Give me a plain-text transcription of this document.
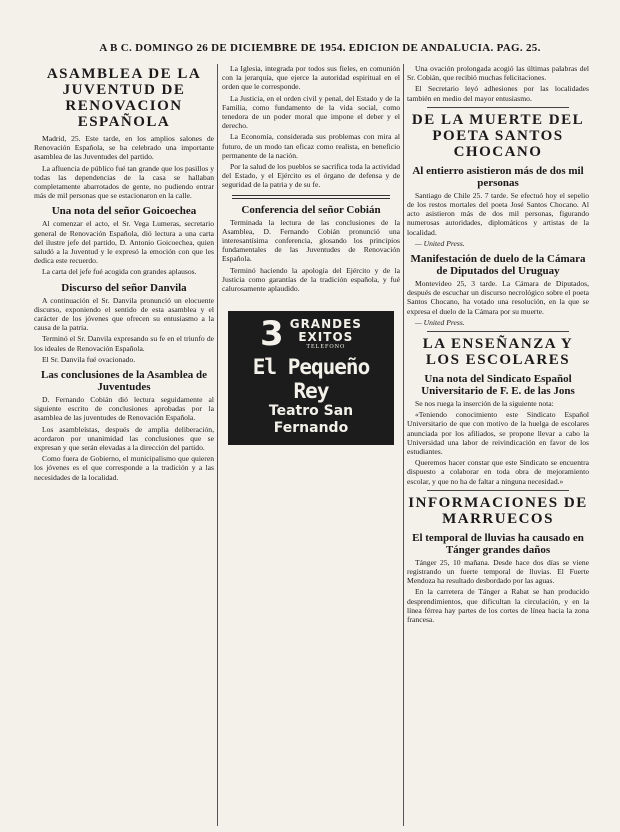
A B C. DOMINGO 26 DE DICIEMBRE DE 1954. EDICION DE ANDALUCIA. PAG. 25.
ASAMBLEA DE LA JUVENTUD DE RENOVACION ESPAÑOLA

Madrid, 25. Este tarde, en los amplios salones de Renovación Española, se ha celebrado una importante asamblea de las Juventudes del partido.

La afluencia de público fué tan grande que los pasillos y todas las dependencias de la casa se hallaban completamente abarrotados de gente, no pudiendo entrar más de mil personas que se estacionaron en la calle.

Una nota del señor Goicoechea

Al comenzar el acto, el Sr. Vega Lumeras, secretario general de Renovación Española, dió lectura a una carta del ilustre jefe del partido, D. Antonio Goicoechea, quien saludó a la Juventud y le expresó la emoción con que les dedica este recuerdo.

La carta del jefe fué acogida con grandes aplausos.

Discurso del señor Danvila

A continuación el Sr. Danvila pronunció un elocuente discurso, exponiendo el sentido de esta asamblea y el carácter de los jóvenes que ofrecen su entusiasmo a la causa de la patria.

Terminó el Sr. Danvila expresando su fe en el triunfo de los ideales de Renovación Española.

El Sr. Danvila fué ovacionado.

Las conclusiones de la Asamblea de Juventudes

D. Fernando Cobián dió lectura seguidamente al siguiente escrito de conclusiones aprobadas por la asamblea de las juventudes de Renovación Española.

Los asambleístas, después de amplia deliberación, acordaron por unanimidad las conclusiones que se expresan y que serán elevadas a la dirección del partido.

Como fuera de Gobierno, el municipalismo que quieren los jóvenes es el que corresponde a la tradición y a las necesidades de la localidad.

La Iglesia, integrada por todos sus fieles, en comunión con la jerarquía, que ejerce la autoridad espiritual en el orden que le corresponde.

La Justicia, en el orden civil y penal, del Estado y de la Familia, como fundamento de la vida social, como tenedora de un poder moral que impone el deber y el derecho.

La Economía, considerada sus problemas con mira al futuro, de un modo tan eficaz como realista, en beneficio permanente de la nación.

Por la salud de los pueblos se sacrifica toda la actividad del Estado, y el Ejército es el órgano de defensa y de seguridad de la patria y de su fe.

Conferencia del señor Cobián

Terminada la lectura de las conclusiones de la Asamblea, D. Fernando Cobián pronunció una interesantísima conferencia, glosando los principios fundamentales de las Juventudes de Renovación Española.

Terminó haciendo la apología del Ejército y de la Justicia como garantías de la tradición española, y fué calurosamente aplaudido.

3 GRANDES
EXITOS
TELEFONO
El Pequeño Rey
Teatro San Fernando

Una ovación prolongada acogió las últimas palabras del Sr. Cobián, que recibió muchas felicitaciones.

El Secretario leyó adhesiones por las localidades también en medio del mayor entusiasmo.

DE LA MUERTE DEL POETA SANTOS CHOCANO
Al entierro asistieron más de dos mil personas

Santiago de Chile 25. 7 tarde. Se efectuó hoy el sepelio de los restos mortales del poeta José Santos Chocano. Al acto asistieron más de dos mil personas, figurando numerosas autoridades, diplomáticos y artistas de la localidad.

— United Press.

Manifestación de duelo de la Cámara de Diputados del Uruguay

Montevideo 25, 3 tarde. La Cámara de Diputados, después de escuchar un discurso necrológico sobre el poeta Santos Chocano, ha votado una resolución, en la que se expresa el duelo de la Cámara por su muerte.

— United Press.

LA ENSEÑANZA Y LOS ESCOLARES
Una nota del Sindicato Español Universitario de F. E. de las Jons

Se nos ruega la inserción de la siguiente nota:

«Teniendo conocimiento este Sindicato Español Universitario de que con motivo de la huelga de escolares anunciada por los afiliados, se propone llevar a cabo la Universidad una labor de reivindicación en favor de los estudiantes.

Queremos hacer constar que este Sindicato se encuentra dispuesto a colaborar en toda obra de mejoramiento escolar, y que no ha de faltar a ninguna necesidad.»

INFORMACIONES DE MARRUECOS
El temporal de lluvias ha causado en Tánger grandes daños

Tánger 25, 10 mañana. Desde hace dos días se viene registrando un fuerte temporal de lluvias. El Fuerte Mendoza ha resultado desbordado por las aguas.

En la carretera de Tánger a Rabat se han producido desprendimientos, que dificultan la circulación, y en la línea férrea hay partes de los cortes de línea hacia la zona francesa.
